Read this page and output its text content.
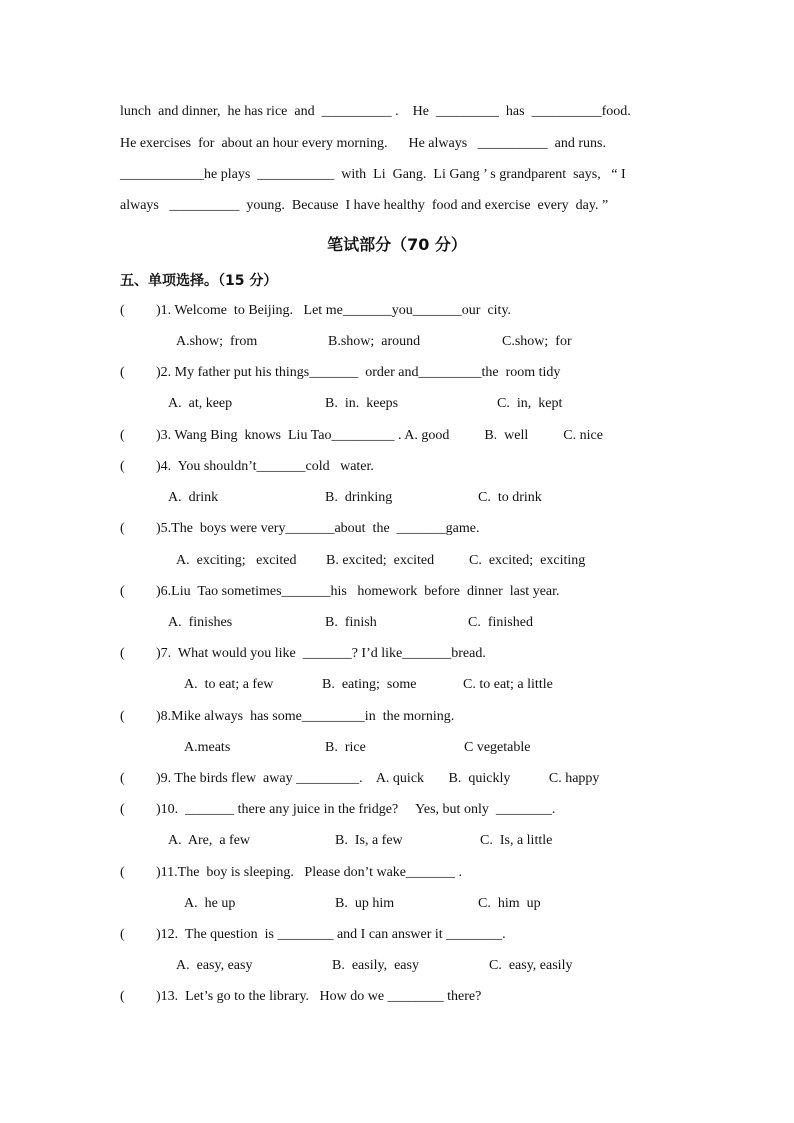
lunch  and dinner,  he has rice  and  __________ .    He  _________  has  __________food.
He exercises  for  about an hour every morning.      He always   __________  and runs.
____________he plays  ___________  with  Li  Gang.  Li Gang ’ s grandparent  says,   “ I
always   __________  young.  Because  I have healthy  food and exercise  every  day. ”
笔试部分（70 分）
五、单项选择。（15 分）
( )1. Welcome  to Beijing.   Let me_______you_______our  city.
A.show;  from	B.show;  around	C.show;  for
( )2. My father put his things_______  order and_________the  room tidy
A.  at, keep	B.  in.  keeps	C.  in,  kept
( )3. Wang Bing  knows  Liu Tao_________ . A. good          B.  well          C. nice
( )4.  You shouldn’t_______cold   water.
A.  drink	B.  drinking	C.  to drink
( )5.The  boys were very_______about  the  _______game.
A.  exciting;   excited B. excited;  excited C.  excited;  exciting
( )6.Liu  Tao sometimes_______his   homework  before  dinner  last year.
A.  finishes	B.  finish	C.  finished
( )7.  What would you like  _______? I’d like_______bread.
A.  to eat; a few	B.  eating;  some	C. to eat; a little
( )8.Mike always  has some_________in  the morning.
A.meats	B.  rice	C vegetable
( )9. The birds flew  away _________.    A. quick       B.  quickly           C. happy
( )10.  _______ there any juice in the fridge?     Yes, but only  ________.
A.  Are,  a few	B.  Is, a few	C.  Is, a little
( )11.The  boy is sleeping.   Please don’t wake_______ .
A.  he up	B.  up him	C.  him  up
( )12.  The question  is ________ and I can answer it ________.
A.  easy, easy	B.  easily,  easy	C.  easy, easily
( )13.  Let’s go to the library.   How do we ________ there?
